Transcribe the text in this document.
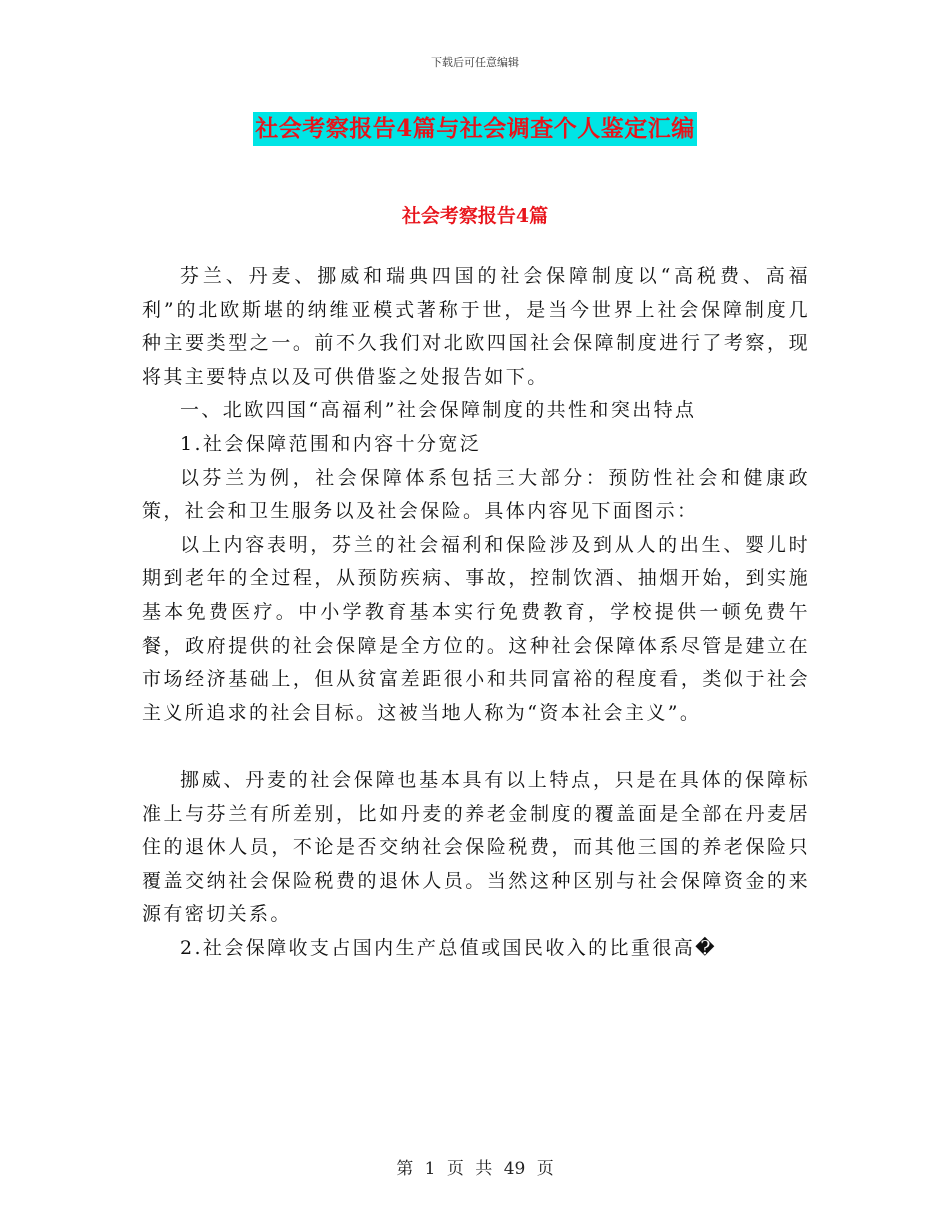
下载后可任意编辑
社会考察报告4篇与社会调查个人鉴定汇编
社会考察报告4篇

芬兰、丹麦、挪威和瑞典四国的社会保障制度以“高税费、高福利”的北欧斯堪的纳维亚模式著称于世，是当今世界上社会保障制度几种主要类型之一。前不久我们对北欧四国社会保障制度进行了考察，现将其主要特点以及可供借鉴之处报告如下。

一、北欧四国“高福利”社会保障制度的共性和突出特点

1.社会保障范围和内容十分宽泛

以芬兰为例，社会保障体系包括三大部分：预防性社会和健康政策，社会和卫生服务以及社会保险。具体内容见下面图示：

以上内容表明，芬兰的社会福利和保险涉及到从人的出生、婴儿时期到老年的全过程，从预防疾病、事故，控制饮酒、抽烟开始，到实施基本免费医疗。中小学教育基本实行免费教育，学校提供一顿免费午餐，政府提供的社会保障是全方位的。这种社会保障体系尽管是建立在市场经济基础上，但从贫富差距很小和共同富裕的程度看，类似于社会主义所追求的社会目标。这被当地人称为“资本社会主义”。

挪威、丹麦的社会保障也基本具有以上特点，只是在具体的保障标准上与芬兰有所差别，比如丹麦的养老金制度的覆盖面是全部在丹麦居住的退休人员，不论是否交纳社会保险税费，而其他三国的养老保险只覆盖交纳社会保险税费的退休人员。当然这种区别与社会保障资金的来源有密切关系。

2.社会保障收支占国内生产总值或国民收入的比重很高�

第 1 页 共 49 页
